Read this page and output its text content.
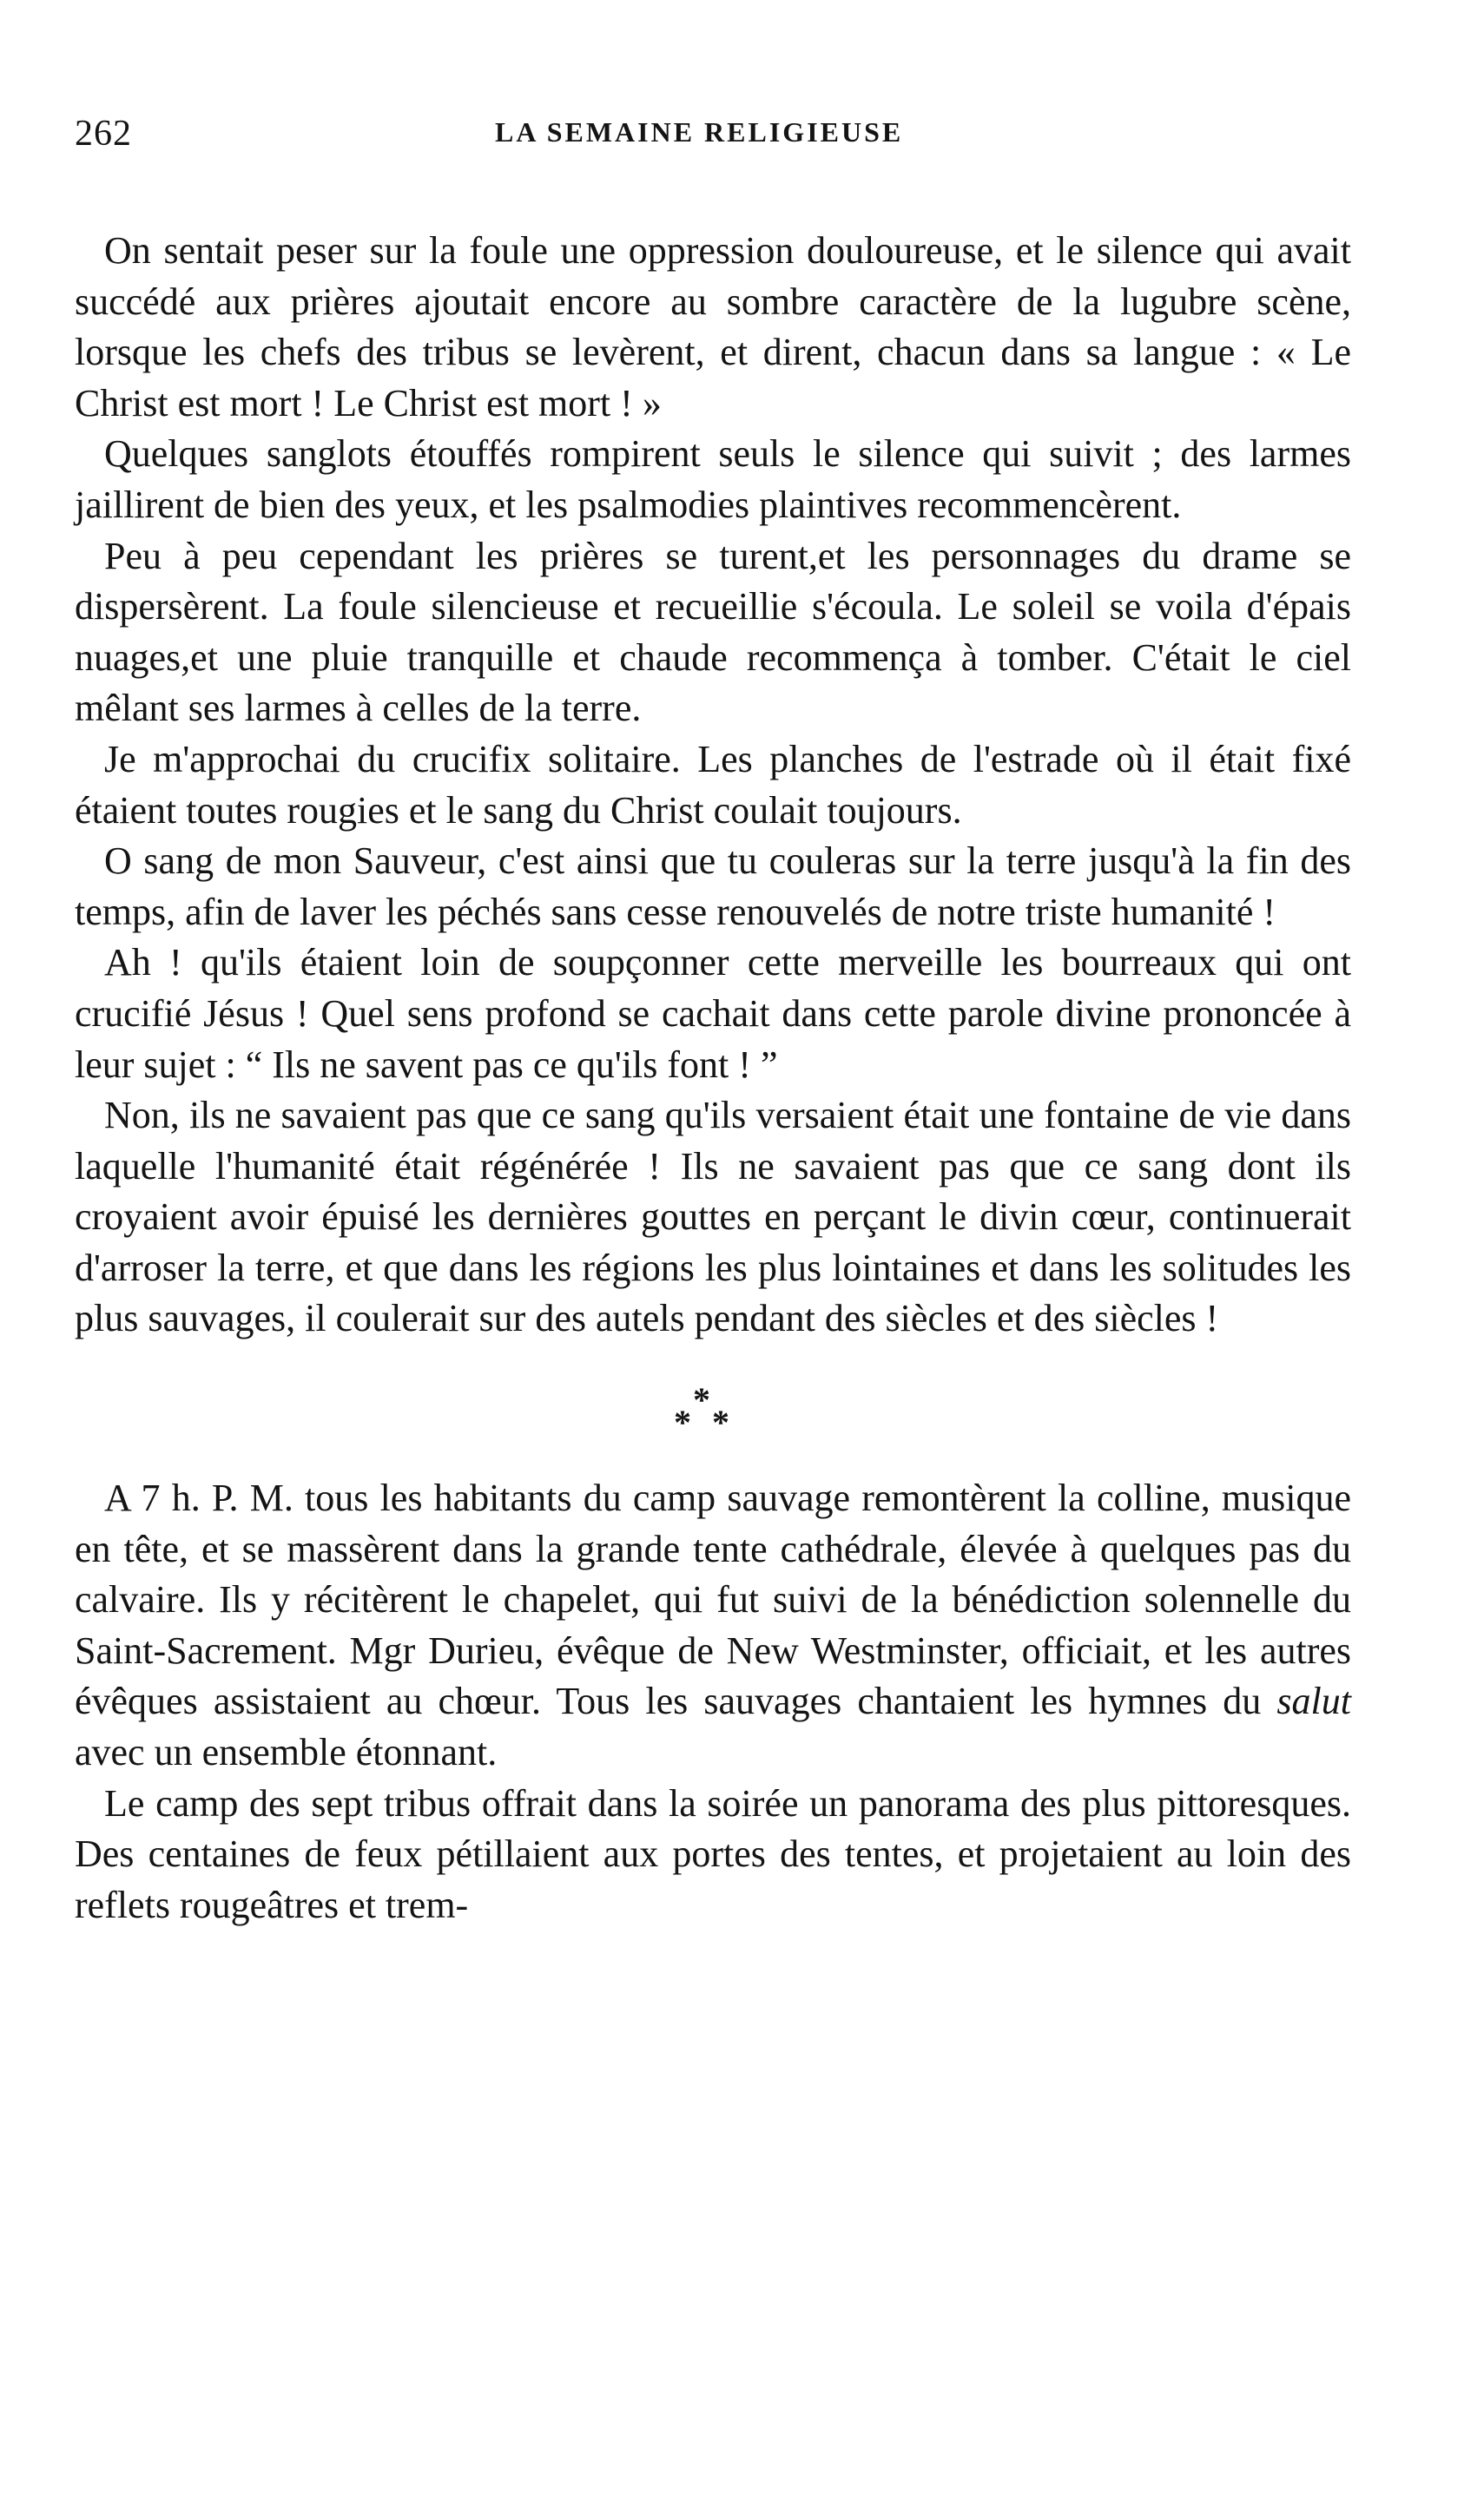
262	LA SEMAINE RELIGIEUSE

On sentait peser sur la foule une oppression douloureuse, et le silence qui avait succédé aux prières ajoutait encore au sombre caractère de la lugubre scène, lorsque les chefs des tribus se levèrent, et dirent, chacun dans sa langue : « Le Christ est mort ! Le Christ est mort ! »

Quelques sanglots étouffés rompirent seuls le silence qui suivit ; des larmes jaillirent de bien des yeux, et les psalmodies plaintives recommencèrent.

Peu à peu cependant les prières se turent,et les personnages du drame se dispersèrent. La foule silencieuse et recueillie s'écoula. Le soleil se voila d'épais nuages,et une pluie tranquille et chaude recommença à tomber. C'était le ciel mêlant ses larmes à celles de la terre.

Je m'approchai du crucifix solitaire. Les planches de l'estrade où il était fixé étaient toutes rougies et le sang du Christ coulait toujours.

O sang de mon Sauveur, c'est ainsi que tu couleras sur la terre jusqu'à la fin des temps, afin de laver les péchés sans cesse renouvelés de notre triste humanité !

Ah ! qu'ils étaient loin de soupçonner cette merveille les bourreaux qui ont crucifié Jésus ! Quel sens profond se cachait dans cette parole divine prononcée à leur sujet : “ Ils ne savent pas ce qu'ils font ! ”

Non, ils ne savaient pas que ce sang qu'ils versaient était une fontaine de vie dans laquelle l'humanité était régénérée ! Ils ne savaient pas que ce sang dont ils croyaient avoir épuisé les dernières gouttes en perçant le divin cœur, continuerait d'arroser la terre, et que dans les régions les plus lointaines et dans les solitudes les plus sauvages, il coulerait sur des autels pendant des siècles et des siècles !

*
* *

A 7 h. P. M. tous les habitants du camp sauvage remontèrent la colline, musique en tête, et se massèrent dans la grande tente cathédrale, élevée à quelques pas du calvaire. Ils y récitèrent le chapelet, qui fut suivi de la bénédiction solennelle du Saint-Sacrement. Mgr Durieu, évêque de New Westminster, officiait, et les autres évêques assistaient au chœur. Tous les sauvages chantaient les hymnes du salut avec un ensemble étonnant.

Le camp des sept tribus offrait dans la soirée un panorama des plus pittoresques. Des centaines de feux pétillaient aux portes des tentes, et projetaient au loin des reflets rougeâtres et trem-
